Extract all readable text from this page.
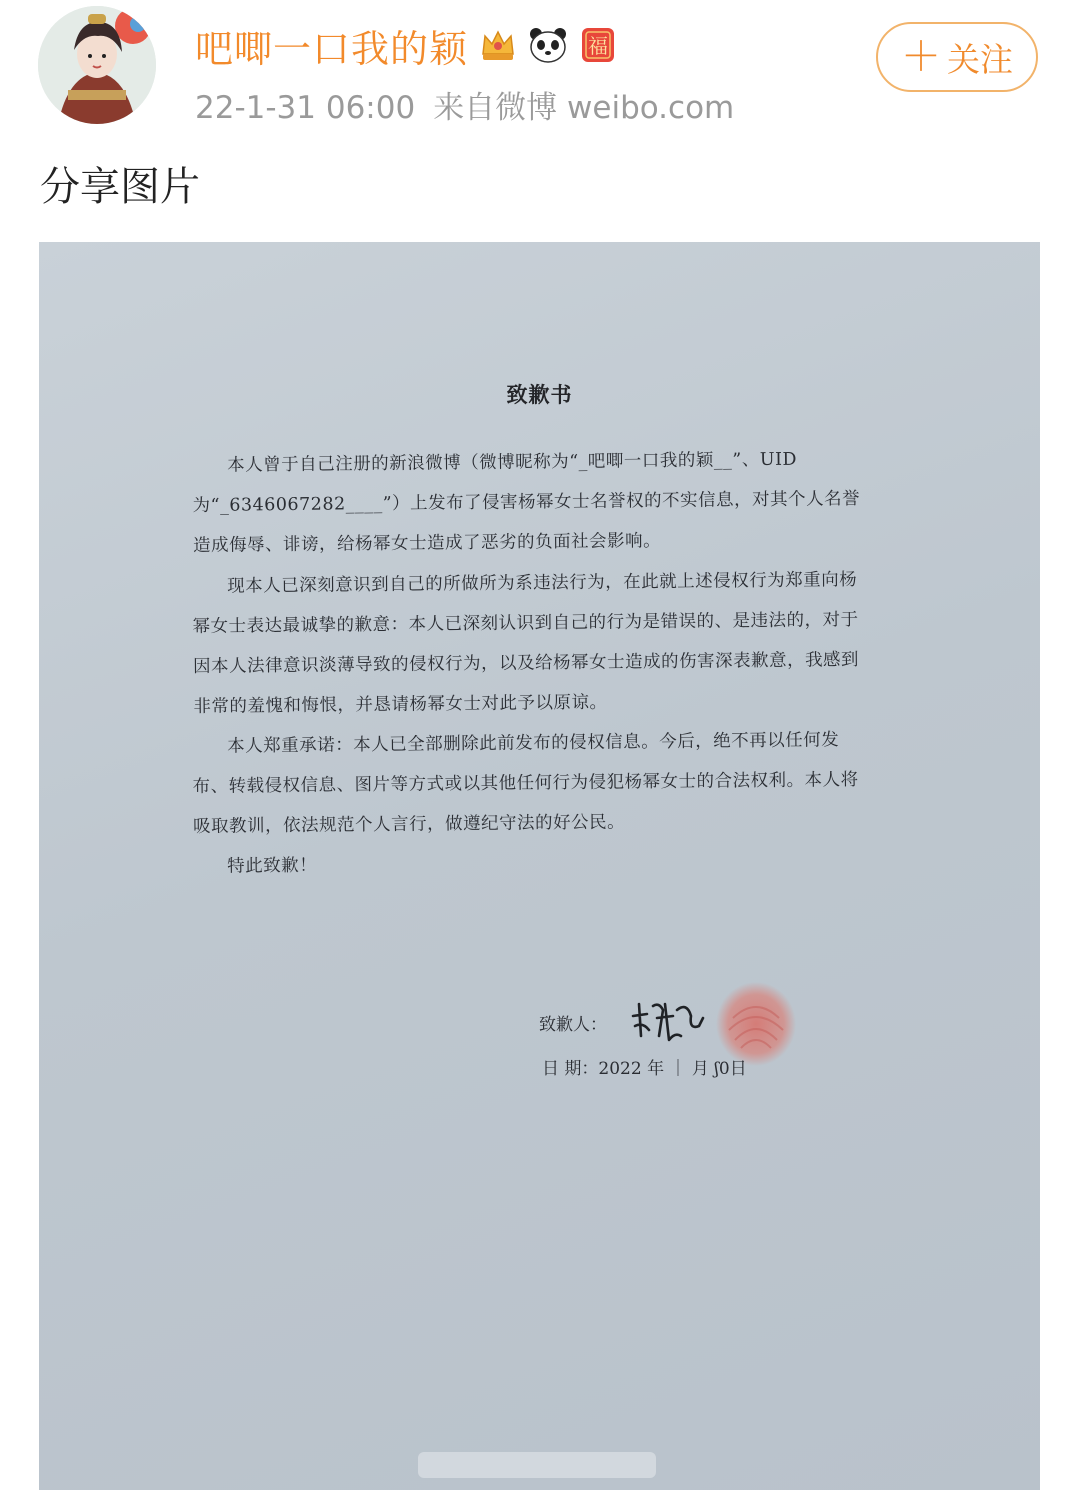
吧唧一口我的颖	福
22-1-31 06:00 来自微博 weibo.com
＋ 关注
分享图片
致歉书
本人曾于自己注册的新浪微博（微博昵称为“_吧唧一口我的颖__”、UID为“_6346067282____”）上发布了侵害杨幂女士名誉权的不实信息，对其个人名誉造成侮辱、诽谤，给杨幂女士造成了恶劣的负面社会影响。
现本人已深刻意识到自己的所做所为系违法行为，在此就上述侵权行为郑重向杨幂女士表达最诚挚的歉意：本人已深刻认识到自己的行为是错误的、是违法的，对于因本人法律意识淡薄导致的侵权行为，以及给杨幂女士造成的伤害深表歉意，我感到非常的羞愧和悔恨，并恳请杨幂女士对此予以原谅。
本人郑重承诺：本人已全部删除此前发布的侵权信息。今后，绝不再以任何发布、转载侵权信息、图片等方式或以其他任何行为侵犯杨幂女士的合法权利。本人将吸取教训，依法规范个人言行，做遵纪守法的好公民。
特此致歉！
致歉人：
日 期：2022 年 ｜ 月 ʃ0日
